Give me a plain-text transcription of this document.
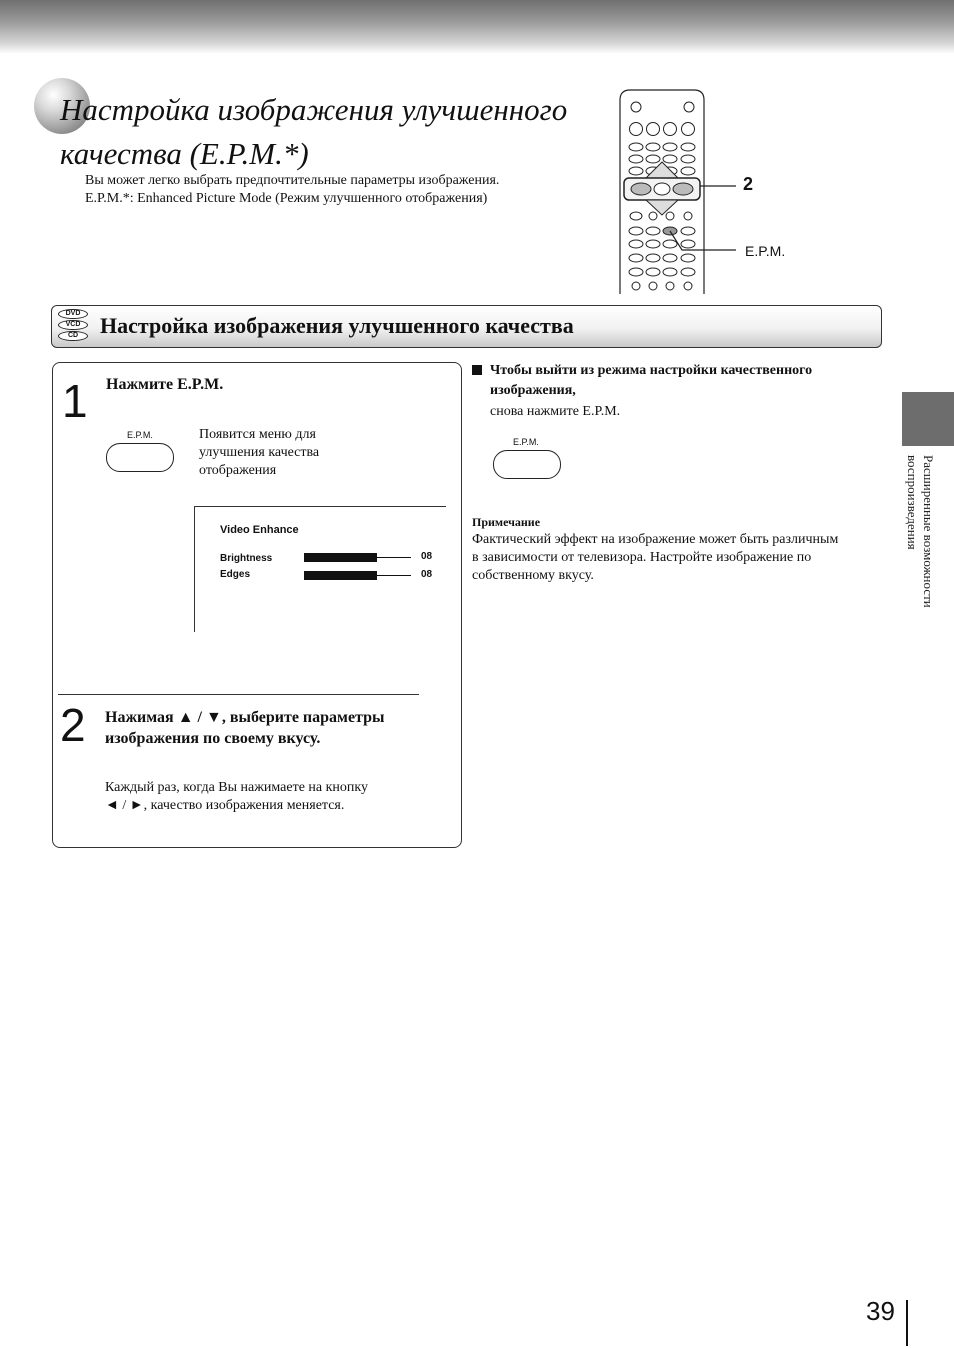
Настройка изображения улучшенного
качества (E.P.M.*)
Вы может легко выбрать предпочтительные параметры изображения.
E.P.M.*: Enhanced Picture Mode (Режим улучшенного отображения)
2
E.P.M.
DVD
VCD
CD Настройка изображения улучшенного качества
1 Нажмите E.P.M.
E.P.M.	Появится меню для
улучшения качества
отображения
Video Enhance
Brightness	08
Edges	08
2 Нажимая ▲ / ▼, выберите параметры
изображения по своему вкусу.
Каждый раз, когда Вы нажимаете на кнопку
◄ / ►, качество изображения меняется.
Чтобы выйти из режима настройки качественного
изображения,
снова нажмите E.P.M.
E.P.M.
Примечание
Фактический эффект на изображение может быть различным
в зависимости от телевизора. Настройте изображение по
собственному вкусу.
Расширенные возможности
воспроизведения
39
